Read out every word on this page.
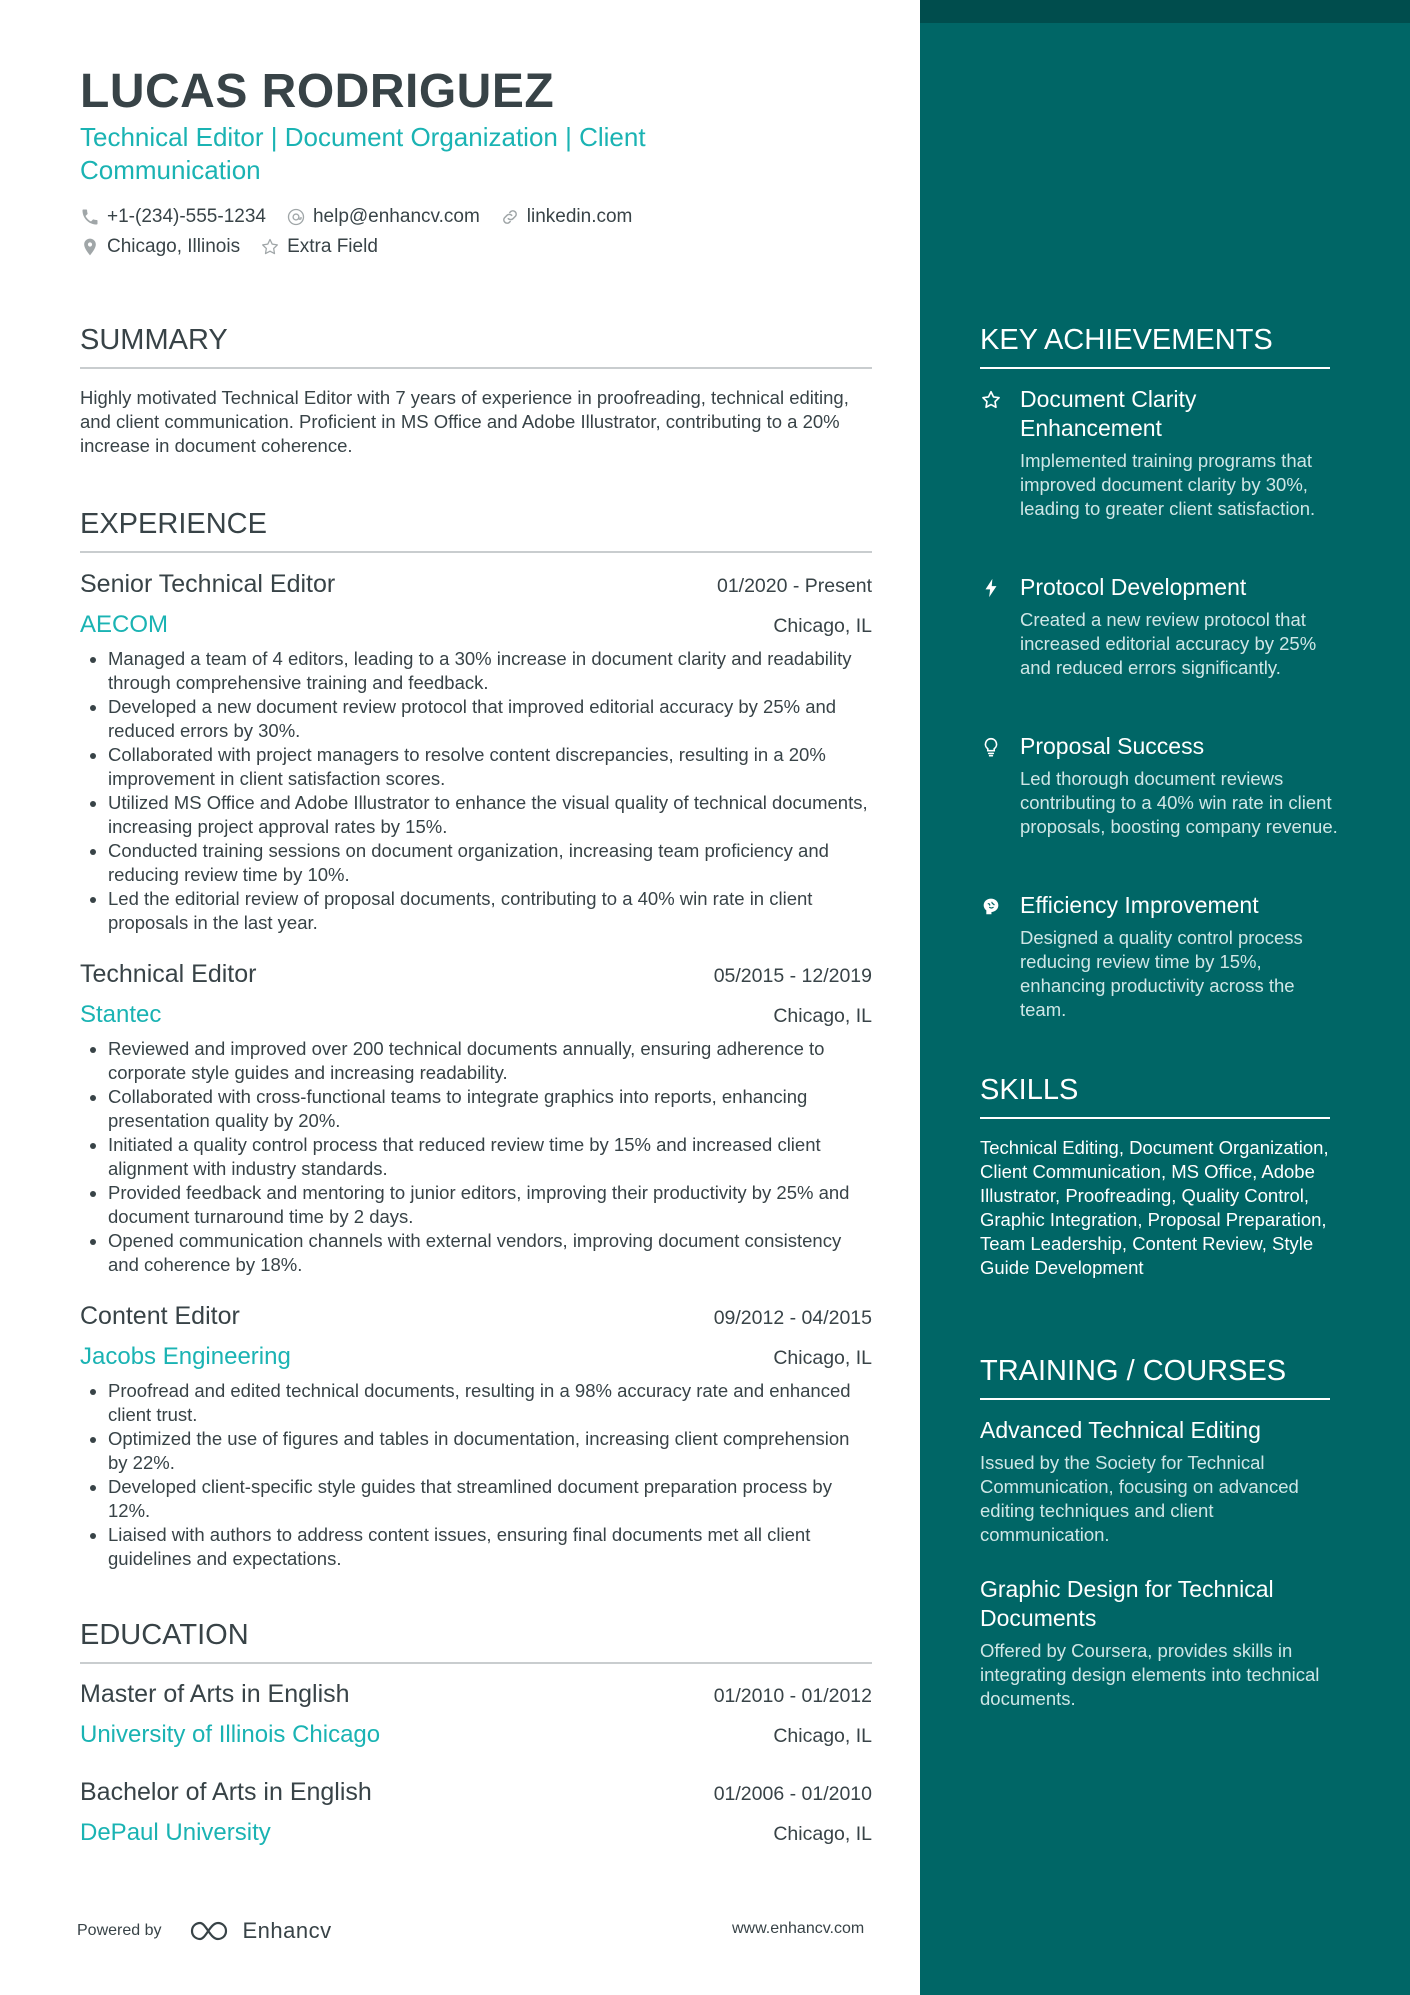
LUCAS RODRIGUEZ
Technical Editor | Document Organization | Client Communication
+1-(234)-555-1234 help@enhancv.com linkedin.com
Chicago, Illinois Extra Field
SUMMARY
Highly motivated Technical Editor with 7 years of experience in proofreading, technical editing, and client communication. Proficient in MS Office and Adobe Illustrator, contributing to a 20% increase in document coherence.
EXPERIENCE
Senior Technical Editor	01/2020 - Present
AECOM	Chicago, IL
• Managed a team of 4 editors, leading to a 30% increase in document clarity and readability through comprehensive training and feedback.
• Developed a new document review protocol that improved editorial accuracy by 25% and reduced errors by 30%.
• Collaborated with project managers to resolve content discrepancies, resulting in a 20% improvement in client satisfaction scores.
• Utilized MS Office and Adobe Illustrator to enhance the visual quality of technical documents, increasing project approval rates by 15%.
• Conducted training sessions on document organization, increasing team proficiency and reducing review time by 10%.
• Led the editorial review of proposal documents, contributing to a 40% win rate in client proposals in the last year.
Technical Editor	05/2015 - 12/2019
Stantec	Chicago, IL
• Reviewed and improved over 200 technical documents annually, ensuring adherence to corporate style guides and increasing readability.
• Collaborated with cross-functional teams to integrate graphics into reports, enhancing presentation quality by 20%.
• Initiated a quality control process that reduced review time by 15% and increased client alignment with industry standards.
• Provided feedback and mentoring to junior editors, improving their productivity by 25% and document turnaround time by 2 days.
• Opened communication channels with external vendors, improving document consistency and coherence by 18%.
Content Editor	09/2012 - 04/2015
Jacobs Engineering	Chicago, IL
• Proofread and edited technical documents, resulting in a 98% accuracy rate and enhanced client trust.
• Optimized the use of figures and tables in documentation, increasing client comprehension by 22%.
• Developed client-specific style guides that streamlined document preparation process by 12%.
• Liaised with authors to address content issues, ensuring final documents met all client guidelines and expectations.
EDUCATION
Master of Arts in English	01/2010 - 01/2012
University of Illinois Chicago	Chicago, IL
Bachelor of Arts in English	01/2006 - 01/2010
DePaul University	Chicago, IL
Powered by	Enhancv	www.enhancv.com
KEY ACHIEVEMENTS
Document Clarity Enhancement
Implemented training programs that improved document clarity by 30%, leading to greater client satisfaction.
Protocol Development
Created a new review protocol that increased editorial accuracy by 25% and reduced errors significantly.
Proposal Success
Led thorough document reviews contributing to a 40% win rate in client proposals, boosting company revenue.
Efficiency Improvement
Designed a quality control process reducing review time by 15%, enhancing productivity across the team.
SKILLS
Technical Editing, Document Organization, Client Communication, MS Office, Adobe Illustrator, Proofreading, Quality Control, Graphic Integration, Proposal Preparation, Team Leadership, Content Review, Style Guide Development
TRAINING / COURSES
Advanced Technical Editing
Issued by the Society for Technical Communication, focusing on advanced editing techniques and client communication.
Graphic Design for Technical Documents
Offered by Coursera, provides skills in integrating design elements into technical documents.
